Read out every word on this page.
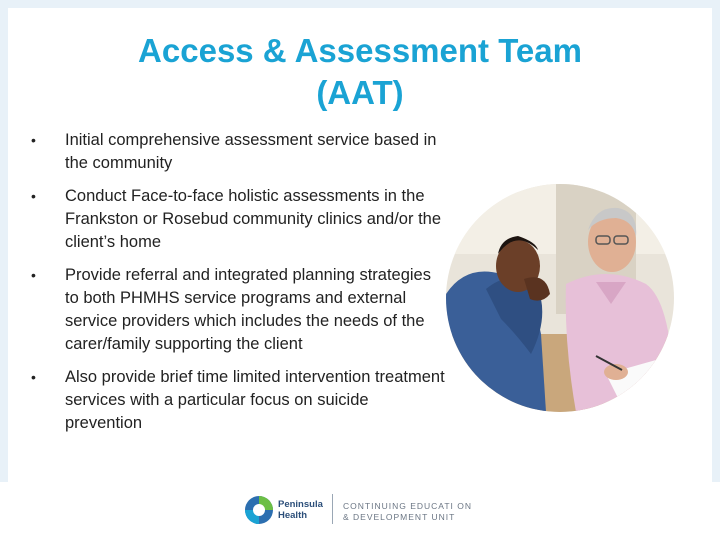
Access & Assessment Team
(AAT)
• Initial comprehensive assessment service based in the community
• Conduct Face-to-face holistic assessments in the Frankston or Rosebud community clinics and/or the client’s home
• Provide referral and integrated planning strategies to both PHMHS service programs and external service providers which includes the needs of the carer/family supporting the client
• Also provide brief time limited intervention treatment services with a particular focus on suicide prevention
Peninsula
Health
CONTINUING EDUCATI ON
& DEVELOPMENT UNIT
